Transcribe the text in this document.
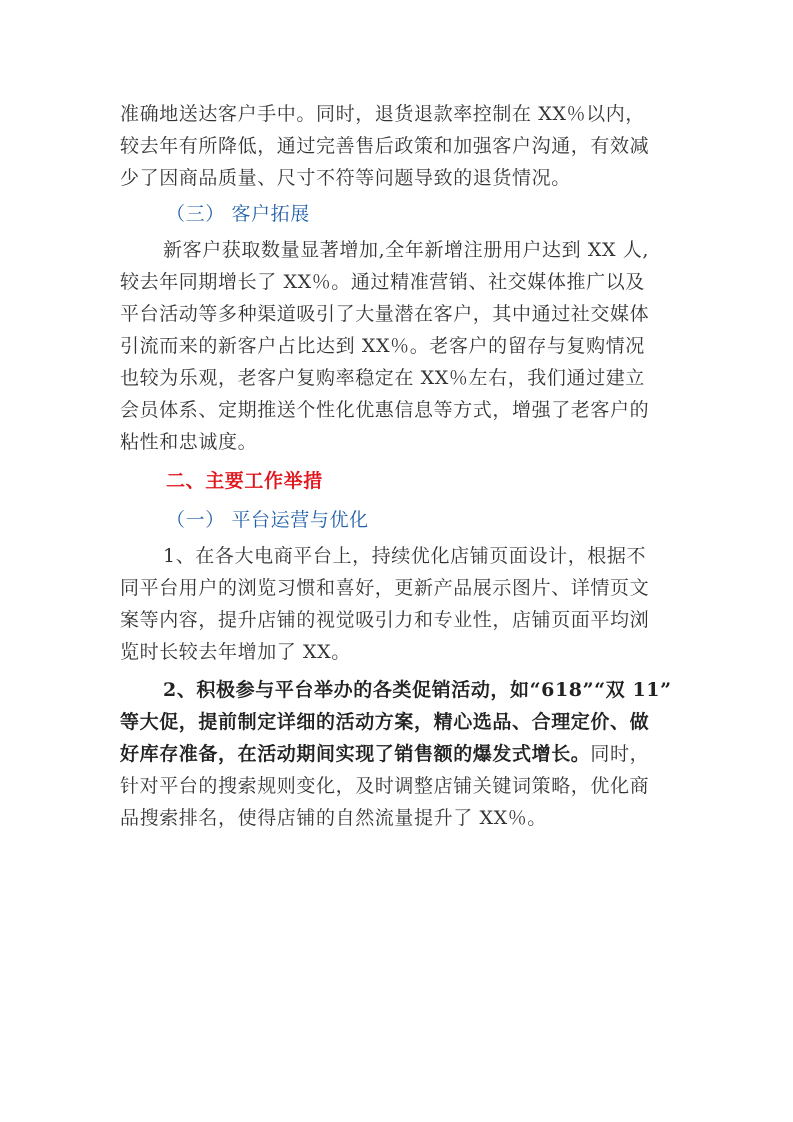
准确地送达客户手中。同时，退货退款率控制在 XX％以内，
较去年有所降低，通过完善售后政策和加强客户沟通，有效减
少了因商品质量、尺寸不符等问题导致的退货情况。
（三） 客户拓展
新客户获取数量显著增加,全年新增注册用户达到 XX 人,
较去年同期增长了 XX％。通过精准营销、社交媒体推广以及
平台活动等多种渠道吸引了大量潜在客户，其中通过社交媒体
引流而来的新客户占比达到 XX％。老客户的留存与复购情况
也较为乐观，老客户复购率稳定在 XX％左右，我们通过建立
会员体系、定期推送个性化优惠信息等方式，增强了老客户的
粘性和忠诚度。
二、主要工作举措
（一） 平台运营与优化
1、在各大电商平台上，持续优化店铺页面设计，根据不
同平台用户的浏览习惯和喜好，更新产品展示图片、详情页文
案等内容，提升店铺的视觉吸引力和专业性，店铺页面平均浏
览时长较去年增加了 XX。
2、积极参与平台举办的各类促销活动，如“618”“双 11”
等大促，提前制定详细的活动方案，精心选品、合理定价、做
好库存准备，在活动期间实现了销售额的爆发式增长。同时，
针对平台的搜索规则变化，及时调整店铺关键词策略，优化商
品搜索排名，使得店铺的自然流量提升了 XX％。
